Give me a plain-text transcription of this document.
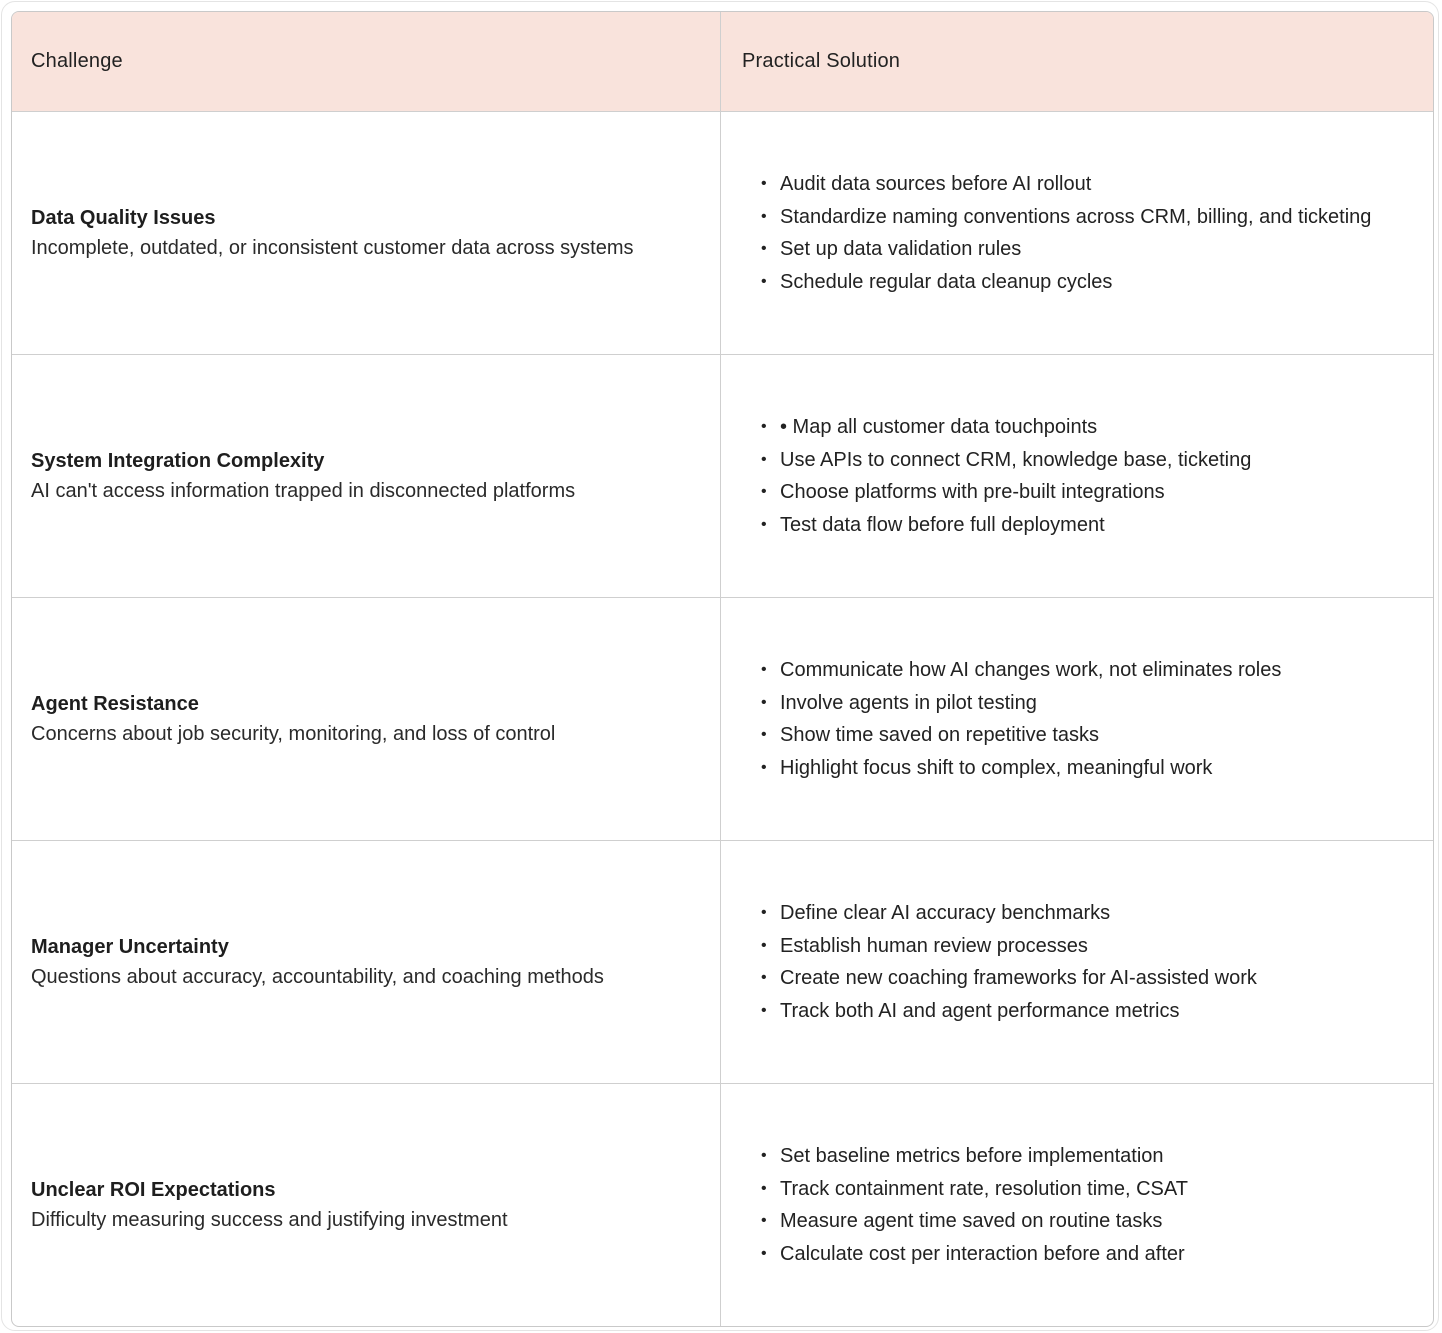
Challenge	Practical Solution
Data Quality Issues
Incomplete, outdated, or inconsistent customer data across systems
• Audit data sources before AI rollout
• Standardize naming conventions across CRM, billing, and ticketing
• Set up data validation rules
• Schedule regular data cleanup cycles
System Integration Complexity
AI can't access information trapped in disconnected platforms
• • Map all customer data touchpoints
• Use APIs to connect CRM, knowledge base, ticketing
• Choose platforms with pre-built integrations
• Test data flow before full deployment
Agent Resistance
Concerns about job security, monitoring, and loss of control
• Communicate how AI changes work, not eliminates roles
• Involve agents in pilot testing
• Show time saved on repetitive tasks
• Highlight focus shift to complex, meaningful work
Manager Uncertainty
Questions about accuracy, accountability, and coaching methods
• Define clear AI accuracy benchmarks
• Establish human review processes
• Create new coaching frameworks for AI-assisted work
• Track both AI and agent performance metrics
Unclear ROI Expectations
Difficulty measuring success and justifying investment
• Set baseline metrics before implementation
• Track containment rate, resolution time, CSAT
• Measure agent time saved on routine tasks
• Calculate cost per interaction before and after
